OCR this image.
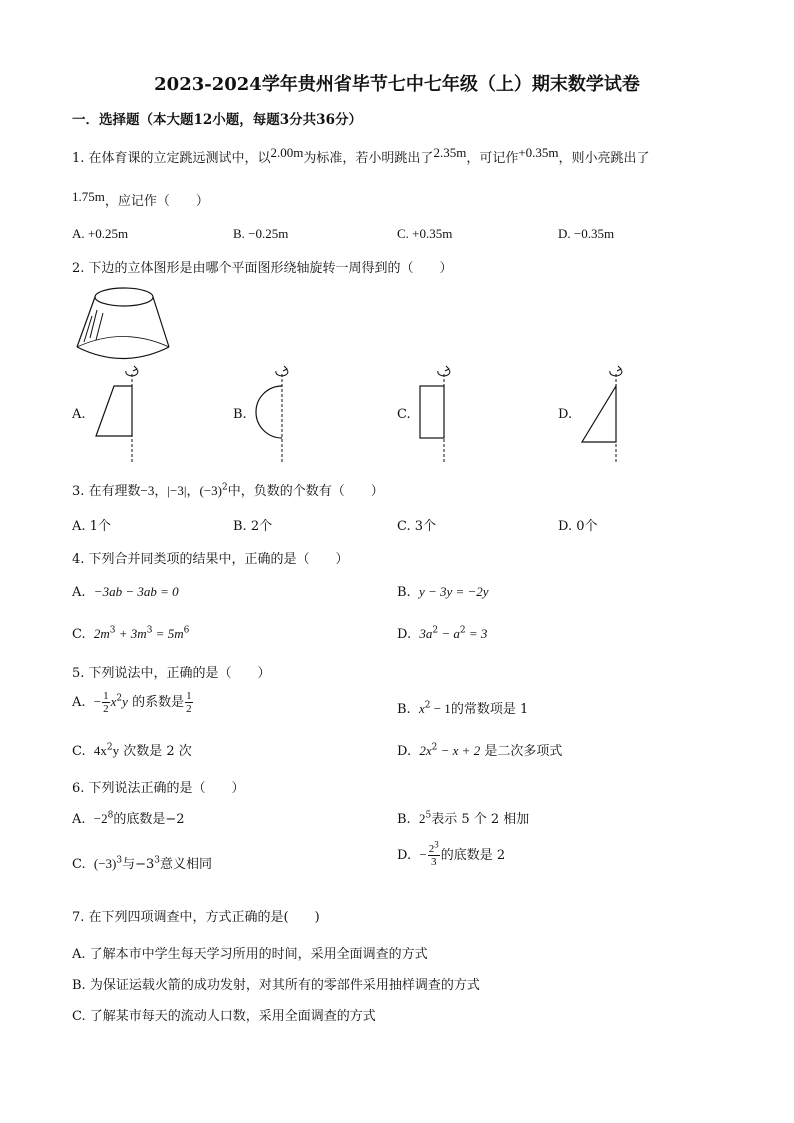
2023-2024学年贵州省毕节七中七年级（上）期末数学试卷
一．选择题（本大题12小题，每题3分共36分）
1. 在体育课的立定跳远测试中，以2.00m为标准，若小明跳出了2.35m，可记作+0.35m，则小亮跳出了
1.75m，应记作（　　）
A. +0.25m	B. −0.25m	C. +0.35m	D. −0.35m
2. 下边的立体图形是由哪个平面图形绕轴旋转一周得到的（　　）
A.	B.	C.	D.
3. 在有理数−3，|−3|，$(-3)^2$中，负数的个数有（　　）
A. 1个	B. 2个	C. 3个	D. 0个
4. 下列合并同类项的结果中，正确的是（　　）
A. −3ab − 3ab = 0	B. y − 3y = −2y
C. $2m^3 + 3m^3 = 5m^6$	D. $3a^2 - a^2 = 3$
5. 下列说法中，正确的是（　　）
A. − $\frac{1}{2} x^2y$ 的系数是 $\frac{1}{2}$	B. $x^2 - 1$的常数项是 1
C. $4x^2y$ 次数是 2 次	D. $2x^2 - x + 2$ 是二次多项式
6. 下列说法正确的是（　　）
A. $-2^8$的底数是−2	B. $2^5$表示 5 个 2 相加
C. $(-3)^3$与$-3^3$意义相同
D. − $\frac{2^3}{3}$ 的底数是 2
7. 在下列四项调查中，方式正确的是(　　)
A. 了解本市中学生每天学习所用的时间，采用全面调查的方式
B. 为保证运载火箭的成功发射，对其所有的零部件采用抽样调查的方式
C. 了解某市每天的流动人口数，采用全面调查的方式
